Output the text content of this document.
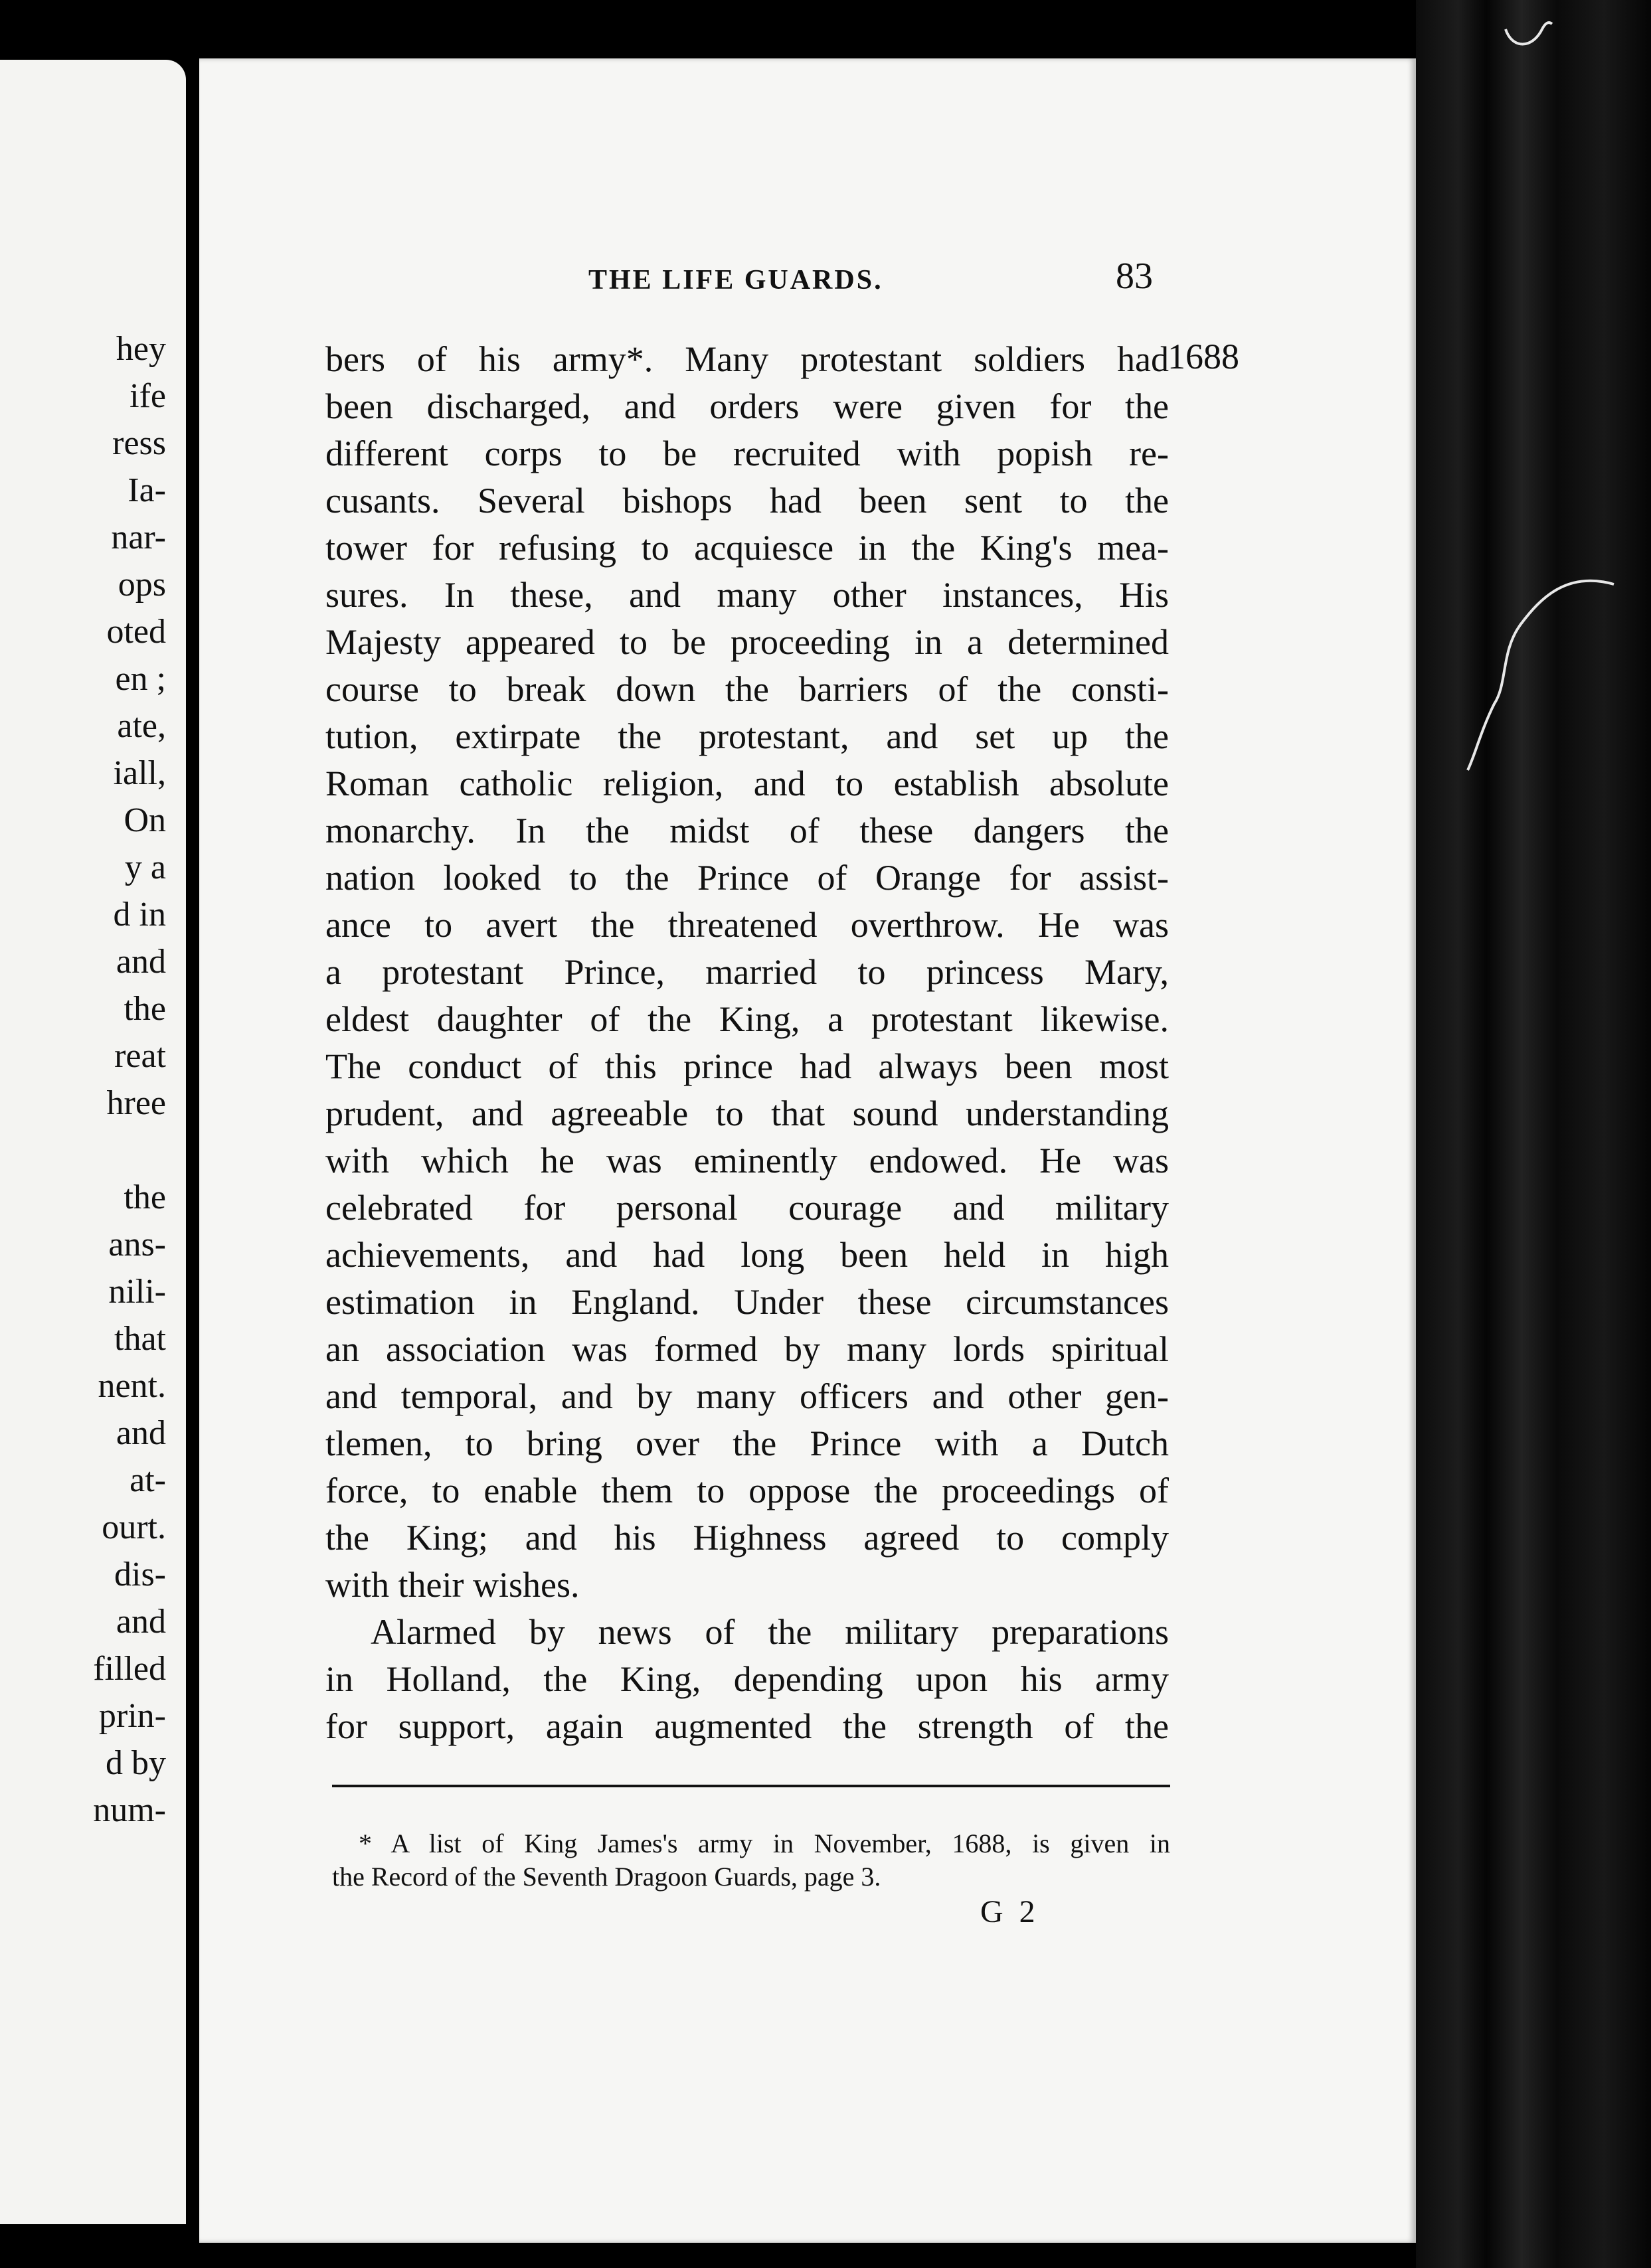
hey
ife
ress
Ia-
nar-
ops
oted
en ;
ate,
iall,
On
y a
d in
and
the
reat
hree
the
ans-
nili-
that
nent.
and
at-
ourt.
dis-
and
filled
prin-
d by
num-
THE LIFE GUARDS.	83
1688
bers of his army*. Many protestant soldiers had
been discharged, and orders were given for the
different corps to be recruited with popish re-
cusants. Several bishops had been sent to the
tower for refusing to acquiesce in the King's mea-
sures. In these, and many other instances, His
Majesty appeared to be proceeding in a determined
course to break down the barriers of the consti-
tution, extirpate the protestant, and set up the
Roman catholic religion, and to establish absolute
monarchy. In the midst of these dangers the
nation looked to the Prince of Orange for assist-
ance to avert the threatened overthrow. He was
a protestant Prince, married to princess Mary,
eldest daughter of the King, a protestant likewise.
The conduct of this prince had always been most
prudent, and agreeable to that sound understanding
with which he was eminently endowed. He was
celebrated for personal courage and military
achievements, and had long been held in high
estimation in England. Under these circumstances
an association was formed by many lords spiritual
and temporal, and by many officers and other gen-
tlemen, to bring over the Prince with a Dutch
force, to enable them to oppose the proceedings of
the King; and his Highness agreed to comply
with their wishes.
Alarmed by news of the military preparations
in Holland, the King, depending upon his army
for support, again augmented the strength of the
* A list of King James's army in November, 1688, is given in
the Record of the Seventh Dragoon Guards, page 3.
G 2
